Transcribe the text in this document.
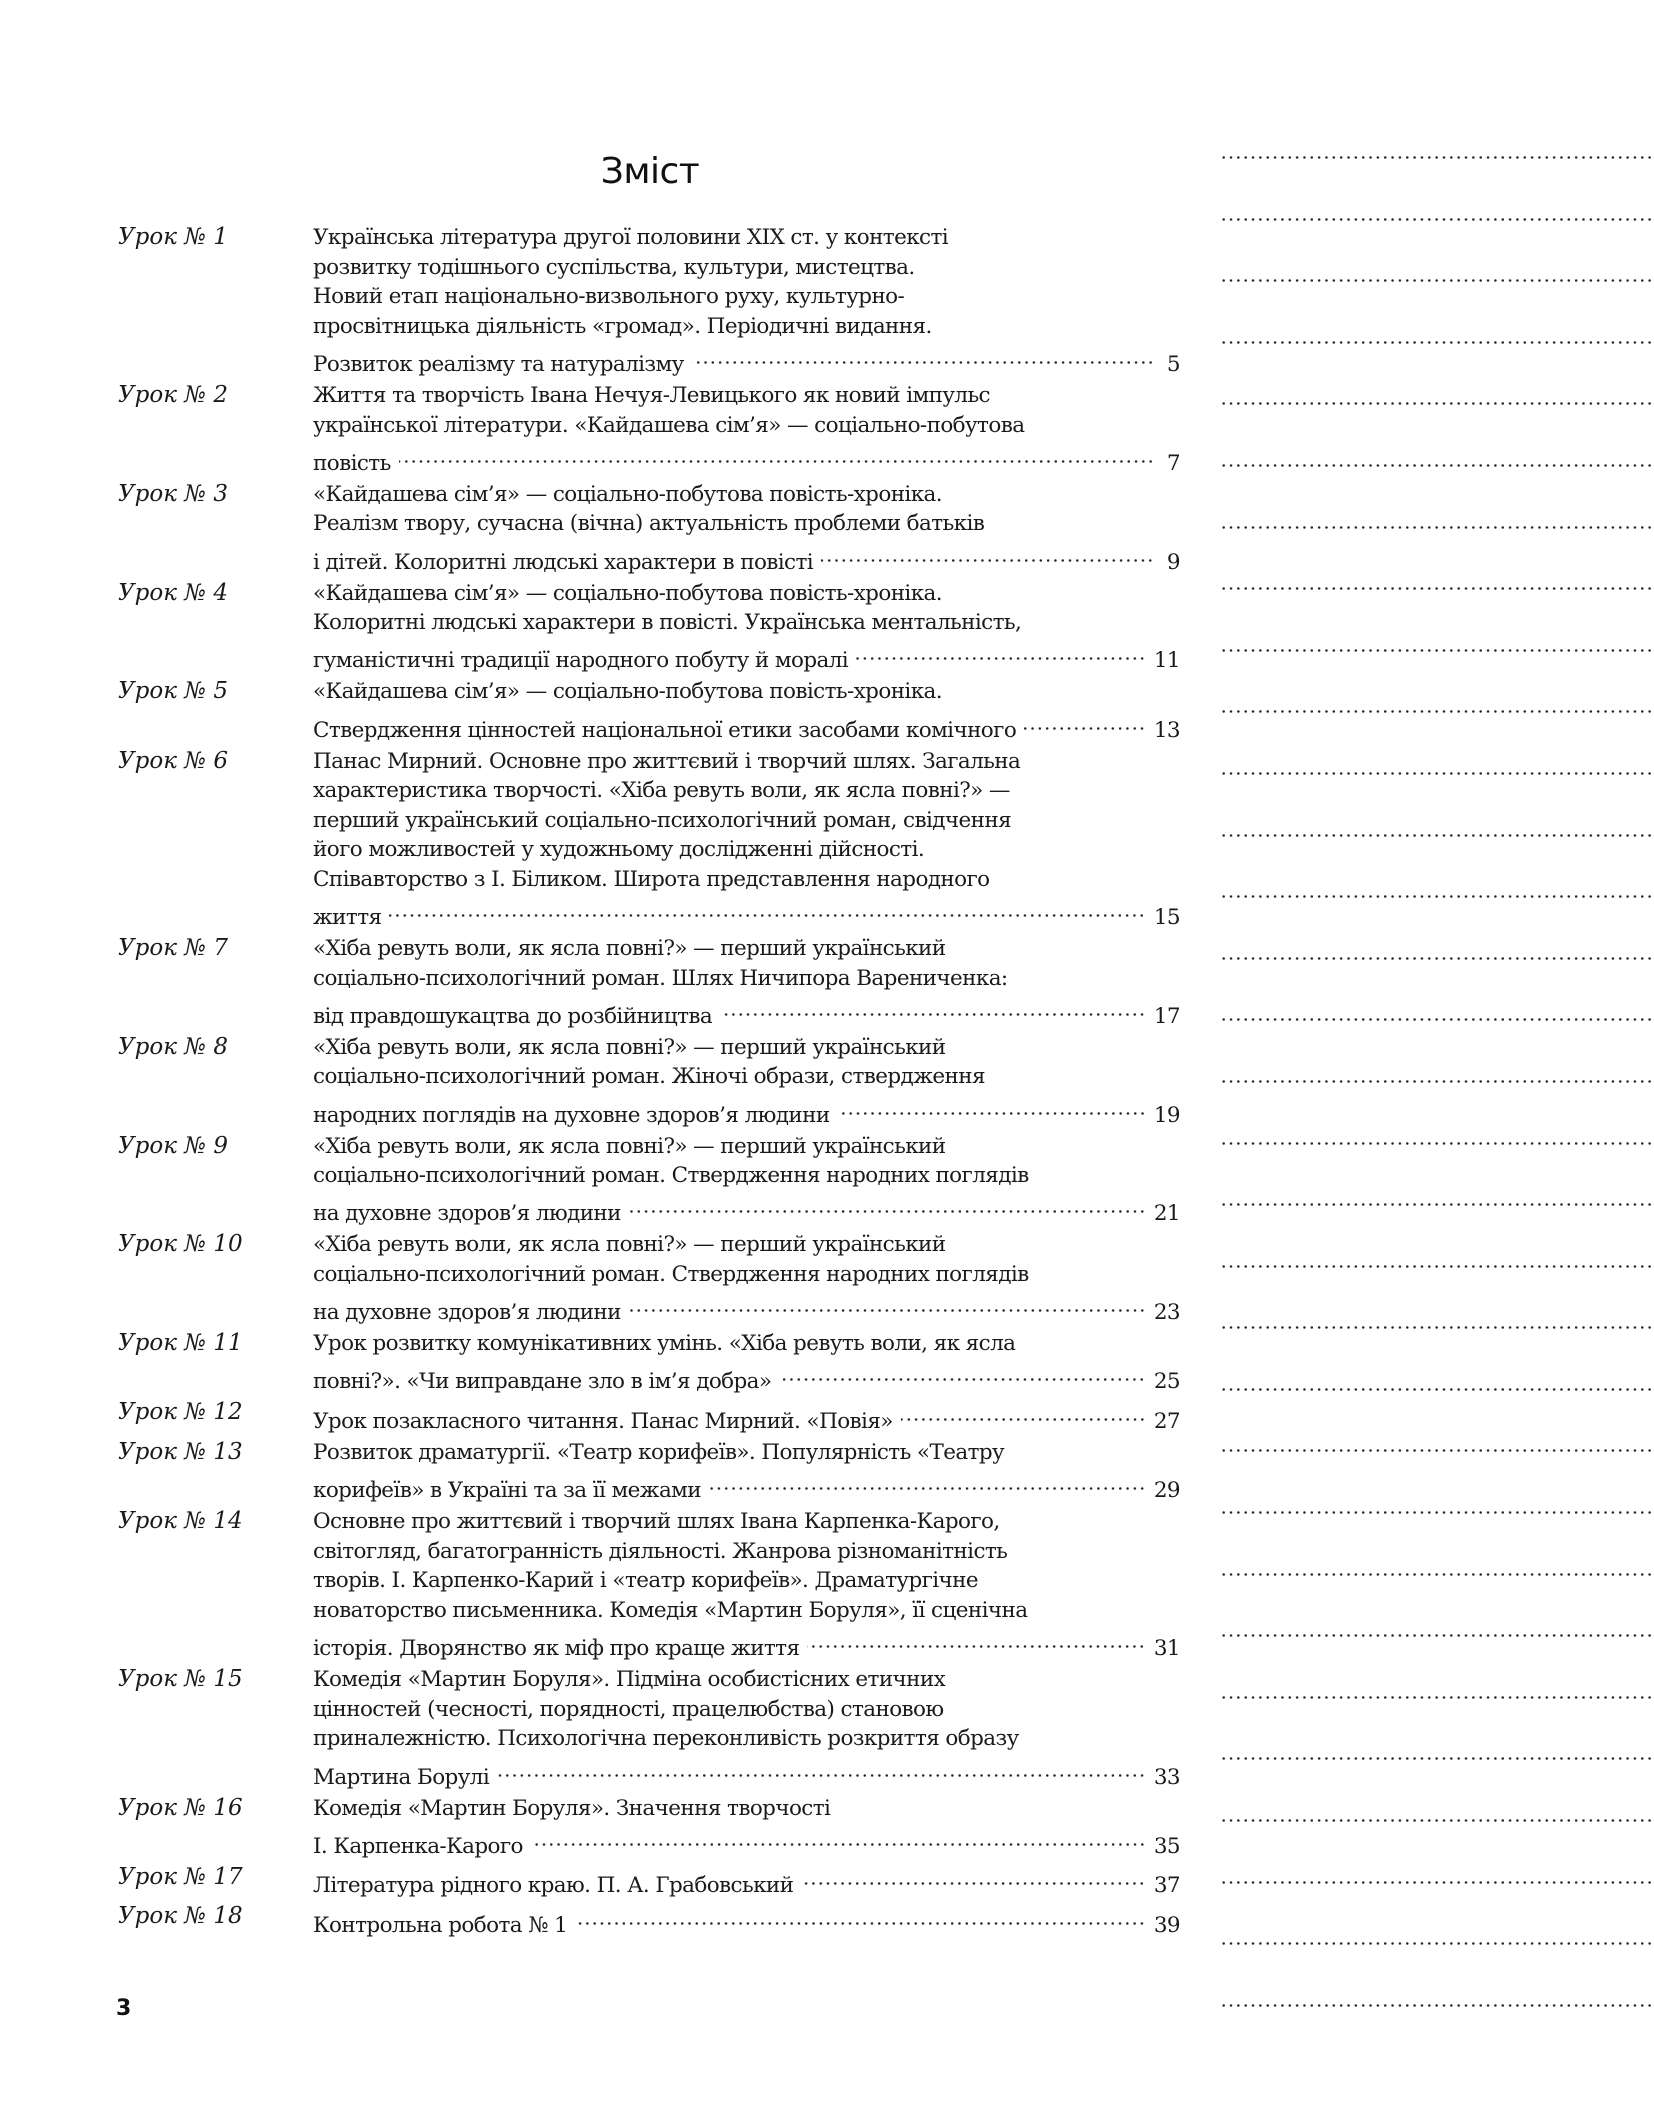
Зміст
Урок № 1	Українська література другої половини XIX ст. у контексті
розвитку тодішнього суспільства, культури, мистецтва.
Новий етап національно-визвольного руху, культурно-
просвітницька діяльність «громад». Періодичні видання.
Розвиток реалізму та натуралізму	5
Урок № 2	Життя та творчість Івана Нечуя-Левицького як новий імпульс
української літератури. «Кайдашева сім’я» — соціально-побутова
повість	7
Урок № 3	«Кайдашева сім’я» — соціально-побутова повість-хроніка.
Реалізм твору, сучасна (вічна) актуальність проблеми батьків
і дітей. Колоритні людські характери в повісті	9
Урок № 4	«Кайдашева сім’я» — соціально-побутова повість-хроніка.
Колоритні людські характери в повісті. Українська ментальність,
гуманістичні традиції народного побуту й моралі	11
Урок № 5	«Кайдашева сім’я» — соціально-побутова повість-хроніка.
Ствердження цінностей національної етики засобами комічного	13
Урок № 6	Панас Мирний. Основне про життєвий і творчий шлях. Загальна
характеристика творчості. «Хіба ревуть воли, як ясла повні?» —
перший український соціально-психологічний роман, свідчення
його можливостей у художньому дослідженні дійсності.
Співавторство з І. Біликом. Широта представлення народного
життя	15
Урок № 7	«Хіба ревуть воли, як ясла повні?» — перший український
соціально-психологічний роман. Шлях Ничипора Варениченка:
від правдошукацтва до розбійництва	17
Урок № 8	«Хіба ревуть воли, як ясла повні?» — перший український
соціально-психологічний роман. Жіночі образи, ствердження
народних поглядів на духовне здоров’я людини	19
Урок № 9	«Хіба ревуть воли, як ясла повні?» — перший український
соціально-психологічний роман. Ствердження народних поглядів
на духовне здоров’я людини	21
Урок № 10	«Хіба ревуть воли, як ясла повні?» — перший український
соціально-психологічний роман. Ствердження народних поглядів
на духовне здоров’я людини	23
Урок № 11	Урок розвитку комунікативних умінь. «Хіба ревуть воли, як ясла
повні?». «Чи виправдане зло в ім’я добра»	25
Урок № 12	Урок позакласного читання. Панас Мирний. «Повія»	27
Урок № 13	Розвиток драматургії. «Театр корифеїв». Популярність «Театру
корифеїв» в Україні та за її межами	29
Урок № 14	Основне про життєвий і творчий шлях Івана Карпенка-Карого,
світогляд, багатогранність діяльності. Жанрова різноманітність
творів. І. Карпенко-Карий і «театр корифеїв». Драматургічне
новаторство письменника. Комедія «Мартин Боруля», її сценічна
історія. Дворянство як міф про краще життя	31
Урок № 15	Комедія «Мартин Боруля». Підміна особистісних етичних
цінностей (чесності, порядності, працелюбства) становою
приналежністю. Психологічна переконливість розкриття образу
Мартина Борулі	33
Урок № 16	Комедія «Мартин Боруля». Значення творчості
І. Карпенка-Карого	35
Урок № 17	Література рідного краю. П. А. Грабовський	37
Урок № 18	Контрольна робота № 1	39
3
